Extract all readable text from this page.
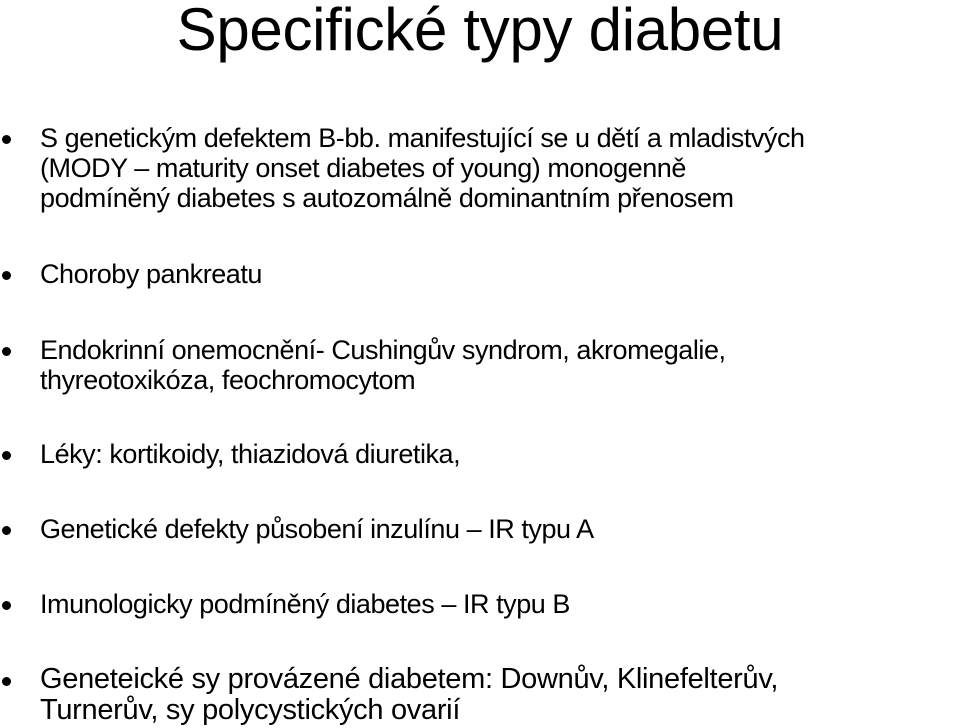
Specifické typy diabetu
S genetickým defektem B-bb. manifestující se u dětí a mladistvých
(MODY – maturity onset diabetes of young) monogenně
podmíněný diabetes s autozomálně dominantním přenosem
Choroby pankreatu
Endokrinní onemocnění- Cushingův syndrom, akromegalie,
thyreotoxikóza, feochromocytom
Léky: kortikoidy, thiazidová diuretika,
Genetické defekty působení inzulínu – IR typu A
Imunologicky podmíněný diabetes – IR typu B
Geneteické sy provázené diabetem: Downův, Klinefelterův,
Turnerův, sy polycystických ovarií
